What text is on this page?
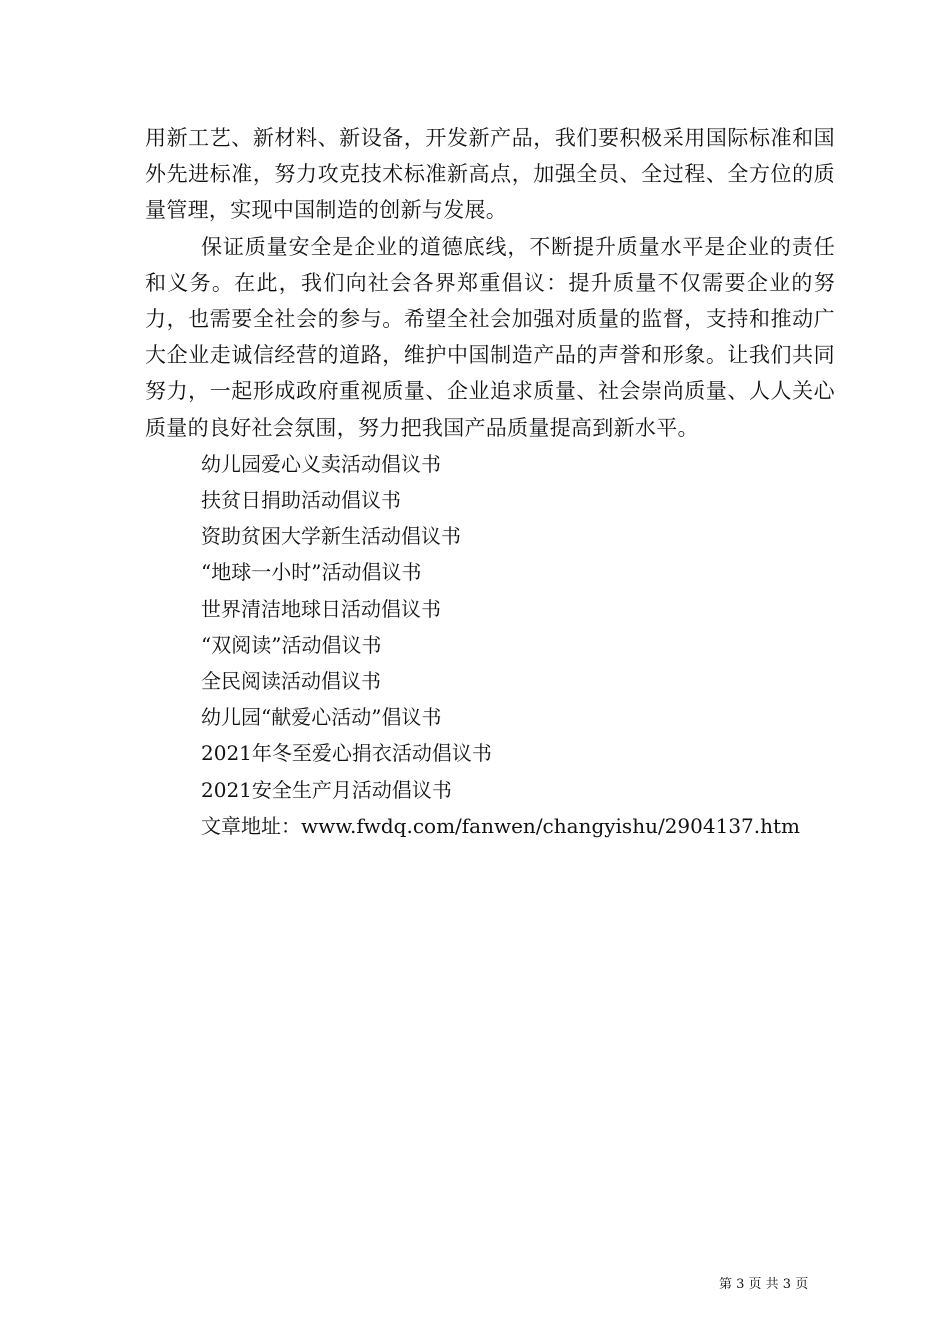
用新工艺、新材料、新设备，开发新产品，我们要积极采用国际标准和国外先进标准，努力攻克技术标准新高点，加强全员、全过程、全方位的质量管理，实现中国制造的创新与发展。

保证质量安全是企业的道德底线，不断提升质量水平是企业的责任和义务。在此，我们向社会各界郑重倡议：提升质量不仅需要企业的努力，也需要全社会的参与。希望全社会加强对质量的监督，支持和推动广大企业走诚信经营的道路，维护中国制造产品的声誉和形象。让我们共同努力，一起形成政府重视质量、企业追求质量、社会崇尚质量、人人关心质量的良好社会氛围，努力把我国产品质量提高到新水平。

幼儿园爱心义卖活动倡议书
扶贫日捐助活动倡议书
资助贫困大学新生活动倡议书
“地球一小时”活动倡议书
世界清洁地球日活动倡议书
“双阅读”活动倡议书
全民阅读活动倡议书
幼儿园“献爱心活动”倡议书
2021年冬至爱心捐衣活动倡议书
2021安全生产月活动倡议书
文章地址：www.fwdq.com/fanwen/changyishu/2904137.htm
第 3 页 共 3 页
